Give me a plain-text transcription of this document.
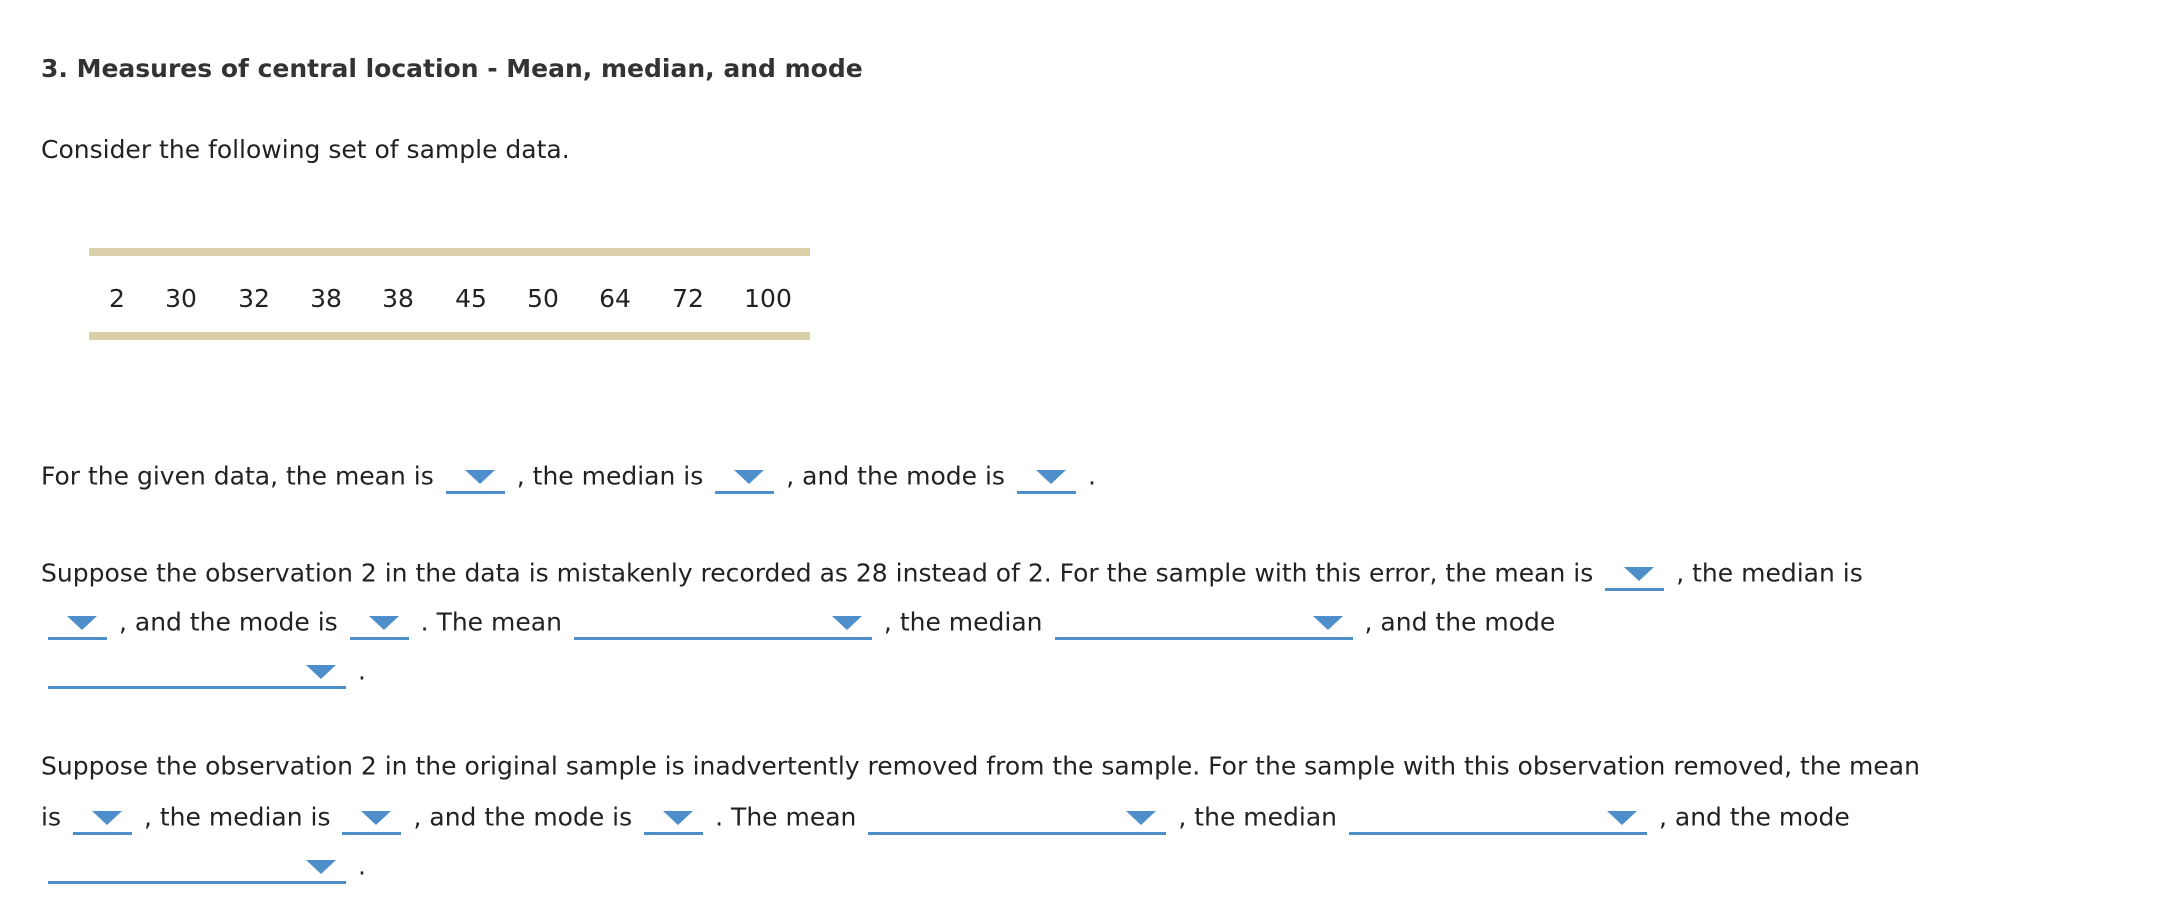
3. Measures of central location - Mean, median, and mode
Consider the following set of sample data.
2 30 32 38 38 45 50 64 72 100
For the given data, the mean is	, the median is	, and the mode is	.
Suppose the observation 2 in the data is mistakenly recorded as 28 instead of 2. For the sample with this error, the mean is	, the median is
, and the mode is	. The mean	, the median	, and the mode
.
Suppose the observation 2 in the original sample is inadvertently removed from the sample. For the sample with this observation removed, the mean
is	, the median is	, and the mode is	. The mean	, the median	, and the mode
.
